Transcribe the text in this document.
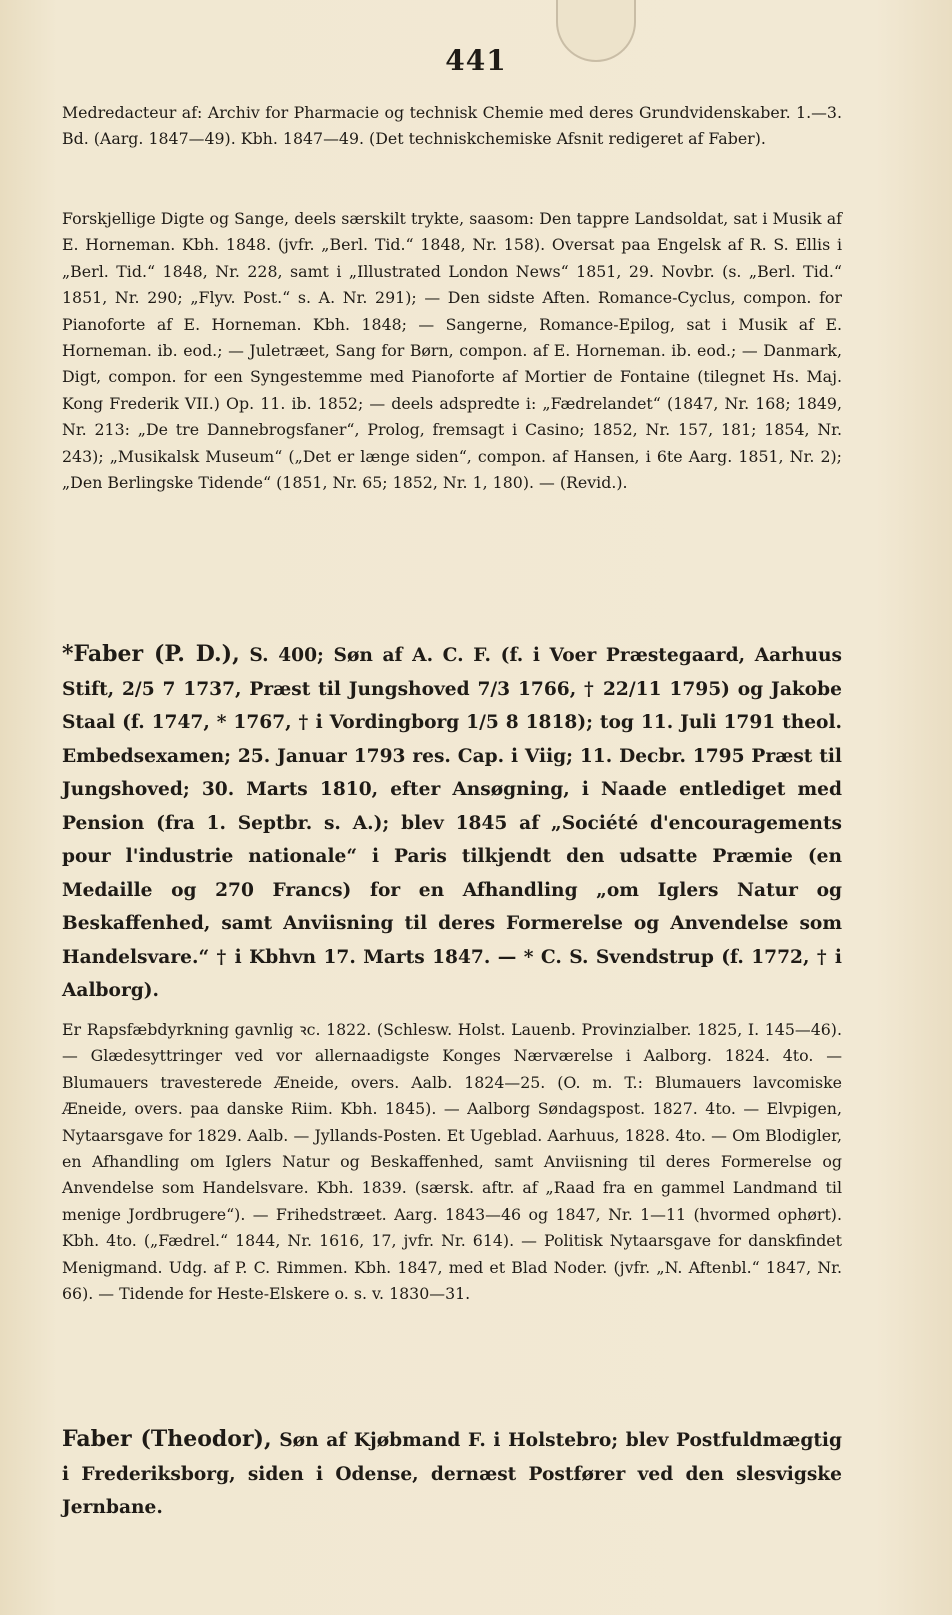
441
Medredacteur af: Archiv for Pharmacie og technisk Chemie med deres Grundvidenskaber. 1.—3. Bd. (Aarg. 1847—49). Kbh. 1847—49. (Det techniskchemiske Afsnit redigeret af Faber).
Forskjellige Digte og Sange, deels særskilt trykte, saasom: Den tappre Landsoldat, sat i Musik af E. Horneman. Kbh. 1848. (jvfr. „Berl. Tid.“ 1848, Nr. 158). Oversat paa Engelsk af R. S. Ellis i „Berl. Tid.“ 1848, Nr. 228, samt i „Illustrated London News“ 1851, 29. Novbr. (s. „Berl. Tid.“ 1851, Nr. 290; „Flyv. Post.“ s. A. Nr. 291); — Den sidste Aften. Romance-Cyclus, compon. for Pianoforte af E. Horneman. Kbh. 1848; — Sangerne, Romance-Epilog, sat i Musik af E. Horneman. ib. eod.; — Juletræet, Sang for Børn, compon. af E. Horneman. ib. eod.; — Danmark, Digt, compon. for een Syngestemme med Pianoforte af Mortier de Fontaine (tilegnet Hs. Maj. Kong Frederik VII.) Op. 11. ib. 1852; — deels adspredte i: „Fædrelandet“ (1847, Nr. 168; 1849, Nr. 213: „De tre Dannebrogsfaner“, Prolog, fremsagt i Casino; 1852, Nr. 157, 181; 1854, Nr. 243); „Musikalsk Museum“ („Det er længe siden“, compon. af Hansen, i 6te Aarg. 1851, Nr. 2); „Den Berlingske Tidende“ (1851, Nr. 65; 1852, Nr. 1, 180). — (Revid.).
*Faber (P. D.), S. 400; Søn af A. C. F. (f. i Voer Præstegaard, Aarhuus Stift, 2/5 7 1737, Præst til Jungshoved 7/3 1766, † 22/11 1795) og Jakobe Staal (f. 1747, * 1767, † i Vordingborg 1/5 8 1818); tog 11. Juli 1791 theol. Embedsexamen; 25. Januar 1793 res. Cap. i Viig; 11. Decbr. 1795 Præst til Jungshoved; 30. Marts 1810, efter Ansøgning, i Naade entlediget med Pension (fra 1. Septbr. s. A.); blev 1845 af „Société d'encouragements pour l'industrie nationale“ i Paris tilkjendt den udsatte Præmie (en Medaille og 270 Francs) for en Afhandling „om Iglers Natur og Beskaffenhed, samt Anviisning til deres Formerelse og Anvendelse som Handelsvare.“ † i Kbhvn 17. Marts 1847. — * C. S. Svendstrup (f. 1772, † i Aalborg).
Er Rapsfæbdyrkning gavnlig ꝛc. 1822. (Schlesw. Holst. Lauenb. Provinzialber. 1825, I. 145—46). — Glædesyttringer ved vor allernaadigste Konges Nærværelse i Aalborg. 1824. 4to. — Blumauers travesterede Æneide, overs. Aalb. 1824—25. (O. m. T.: Blumauers lavcomiske Æneide, overs. paa danske Riim. Kbh. 1845). — Aalborg Søndagspost. 1827. 4to. — Elvpigen, Nytaarsgave for 1829. Aalb. — Jyllands-Posten. Et Ugeblad. Aarhuus, 1828. 4to. — Om Blodigler, en Afhandling om Iglers Natur og Beskaffenhed, samt Anviisning til deres Formerelse og Anvendelse som Handelsvare. Kbh. 1839. (særsk. aftr. af „Raad fra en gammel Landmand til menige Jordbrugere“). — Frihedstræet. Aarg. 1843—46 og 1847, Nr. 1—11 (hvormed ophørt). Kbh. 4to. („Fædrel.“ 1844, Nr. 1616, 17, jvfr. Nr. 614). — Politisk Nytaarsgave for danskfindet Menigmand. Udg. af P. C. Rimmen. Kbh. 1847, med et Blad Noder. (jvfr. „N. Aftenbl.“ 1847, Nr. 66). — Tidende for Heste-Elskere o. s. v. 1830—31.
Faber (Theodor), Søn af Kjøbmand F. i Holstebro; blev Postfuldmægtig i Frederiksborg, siden i Odense, dernæst Postfører ved den slesvigske Jernbane.
